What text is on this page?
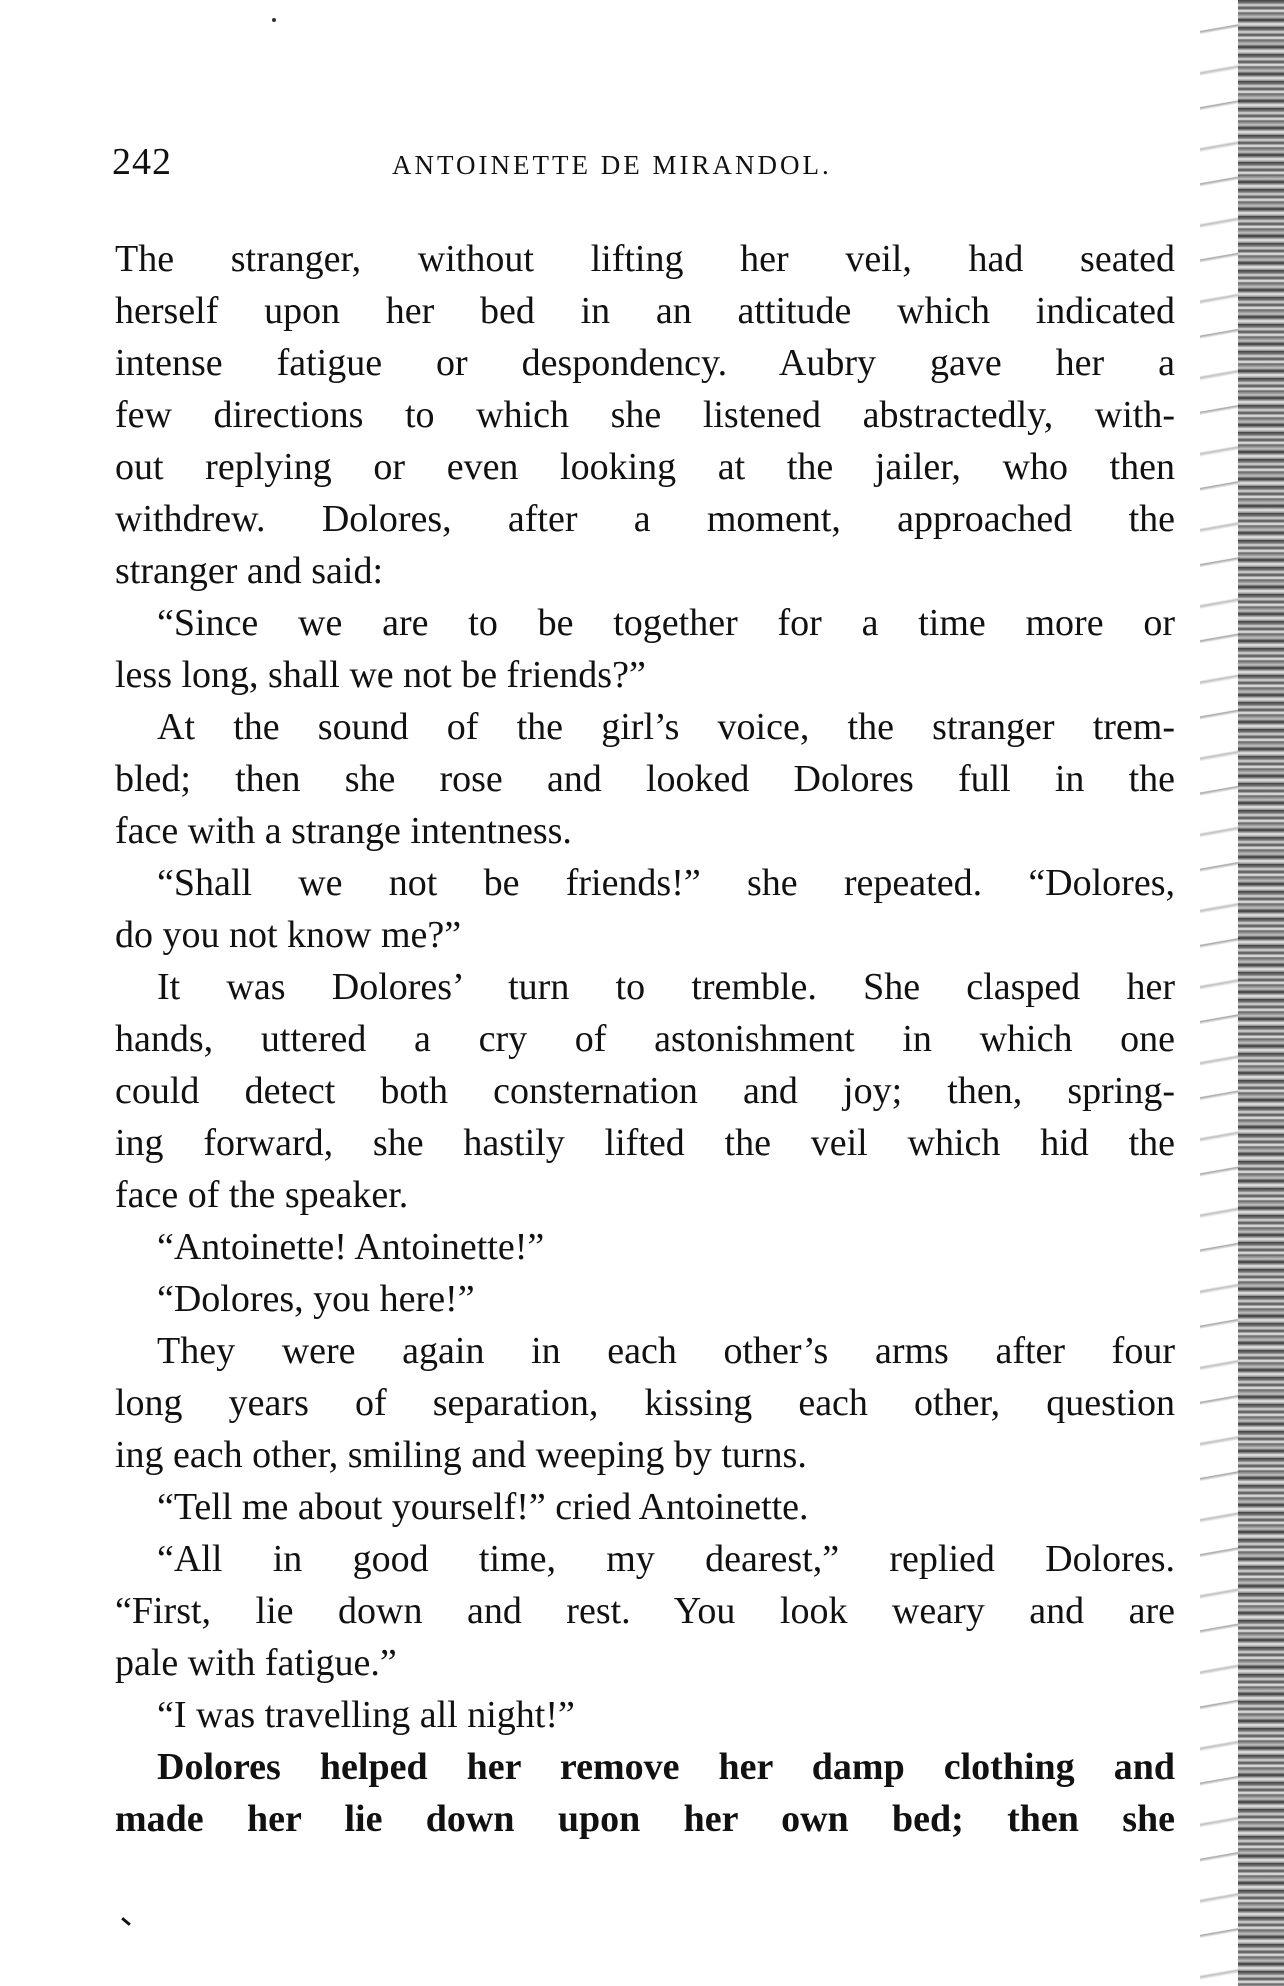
242	ANTOINETTE DE MIRANDOL.
The stranger, without lifting her veil, had seated
herself upon her bed in an attitude which indicated
intense fatigue or despondency. Aubry gave her a
few directions to which she listened abstractedly, with-
out replying or even looking at the jailer, who then
withdrew. Dolores, after a moment, approached the
stranger and said:
“Since we are to be together for a time more or
less long, shall we not be friends?”
At the sound of the girl’s voice, the stranger trem-
bled; then she rose and looked Dolores full in the
face with a strange intentness.
“Shall we not be friends!” she repeated. “Dolores,
do you not know me?”
It was Dolores’ turn to tremble. She clasped her
hands, uttered a cry of astonishment in which one
could detect both consternation and joy; then, spring-
ing forward, she hastily lifted the veil which hid the
face of the speaker.
“Antoinette! Antoinette!”
“Dolores, you here!”
They were again in each other’s arms after four
long years of separation, kissing each other, question
ing each other, smiling and weeping by turns.
“Tell me about yourself!” cried Antoinette.
“All in good time, my dearest,” replied Dolores.
“First, lie down and rest. You look weary and are
pale with fatigue.”
“I was travelling all night!”
Dolores helped her remove her damp clothing and
made her lie down upon her own bed; then she
